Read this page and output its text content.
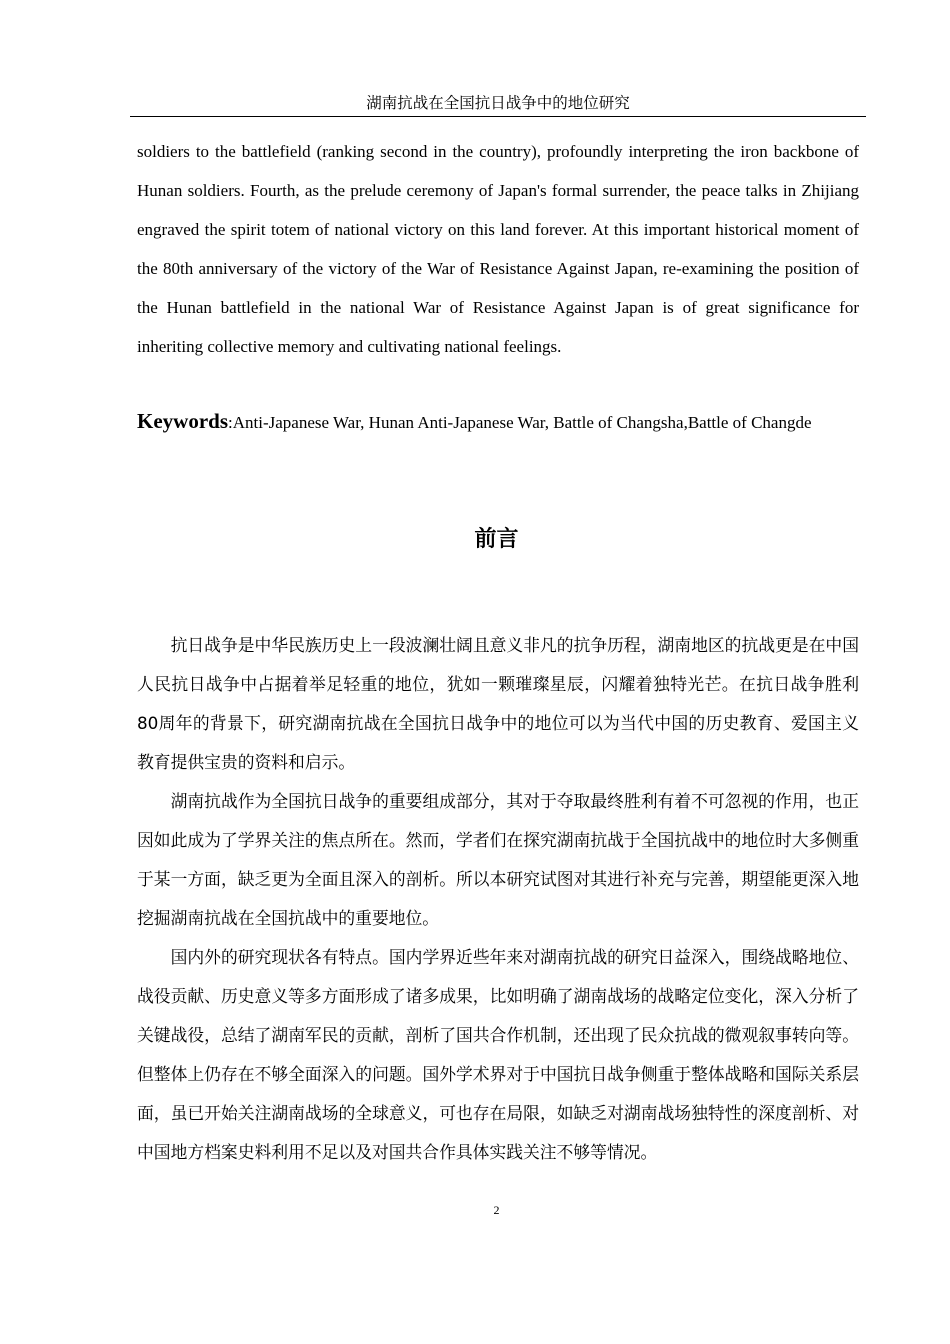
湖南抗战在全国抗日战争中的地位研究

soldiers to the battlefield (ranking second in the country), profoundly interpreting the iron backbone of Hunan soldiers. Fourth, as the prelude ceremony of Japan's formal surrender, the peace talks in Zhijiang engraved the spirit totem of national victory on this land forever. At this important historical moment of the 80th anniversary of the victory of the War of Resistance Against Japan, re-examining the position of the Hunan battlefield in the national War of Resistance Against Japan is of great significance for inheriting collective memory and cultivating national feelings.

Keywords:Anti-Japanese War, Hunan Anti-Japanese War, Battle of Changsha,Battle of Changde

前言

抗日战争是中华民族历史上一段波澜壮阔且意义非凡的抗争历程，湖南地区的抗战更是在中国人民抗日战争中占据着举足轻重的地位，犹如一颗璀璨星辰，闪耀着独特光芒。在抗日战争胜利80周年的背景下，研究湖南抗战在全国抗日战争中的地位可以为当代中国的历史教育、爱国主义教育提供宝贵的资料和启示。

湖南抗战作为全国抗日战争的重要组成部分，其对于夺取最终胜利有着不可忽视的作用，也正因如此成为了学界关注的焦点所在。然而，学者们在探究湖南抗战于全国抗战中的地位时大多侧重于某一方面，缺乏更为全面且深入的剖析。所以本研究试图对其进行补充与完善，期望能更深入地挖掘湖南抗战在全国抗战中的重要地位。

国内外的研究现状各有特点。国内学界近些年来对湖南抗战的研究日益深入，围绕战略地位、战役贡献、历史意义等多方面形成了诸多成果，比如明确了湖南战场的战略定位变化，深入分析了关键战役，总结了湖南军民的贡献，剖析了国共合作机制，还出现了民众抗战的微观叙事转向等。但整体上仍存在不够全面深入的问题。国外学术界对于中国抗日战争侧重于整体战略和国际关系层面，虽已开始关注湖南战场的全球意义，可也存在局限，如缺乏对湖南战场独特性的深度剖析、对中国地方档案史料利用不足以及对国共合作具体实践关注不够等情况。

2
